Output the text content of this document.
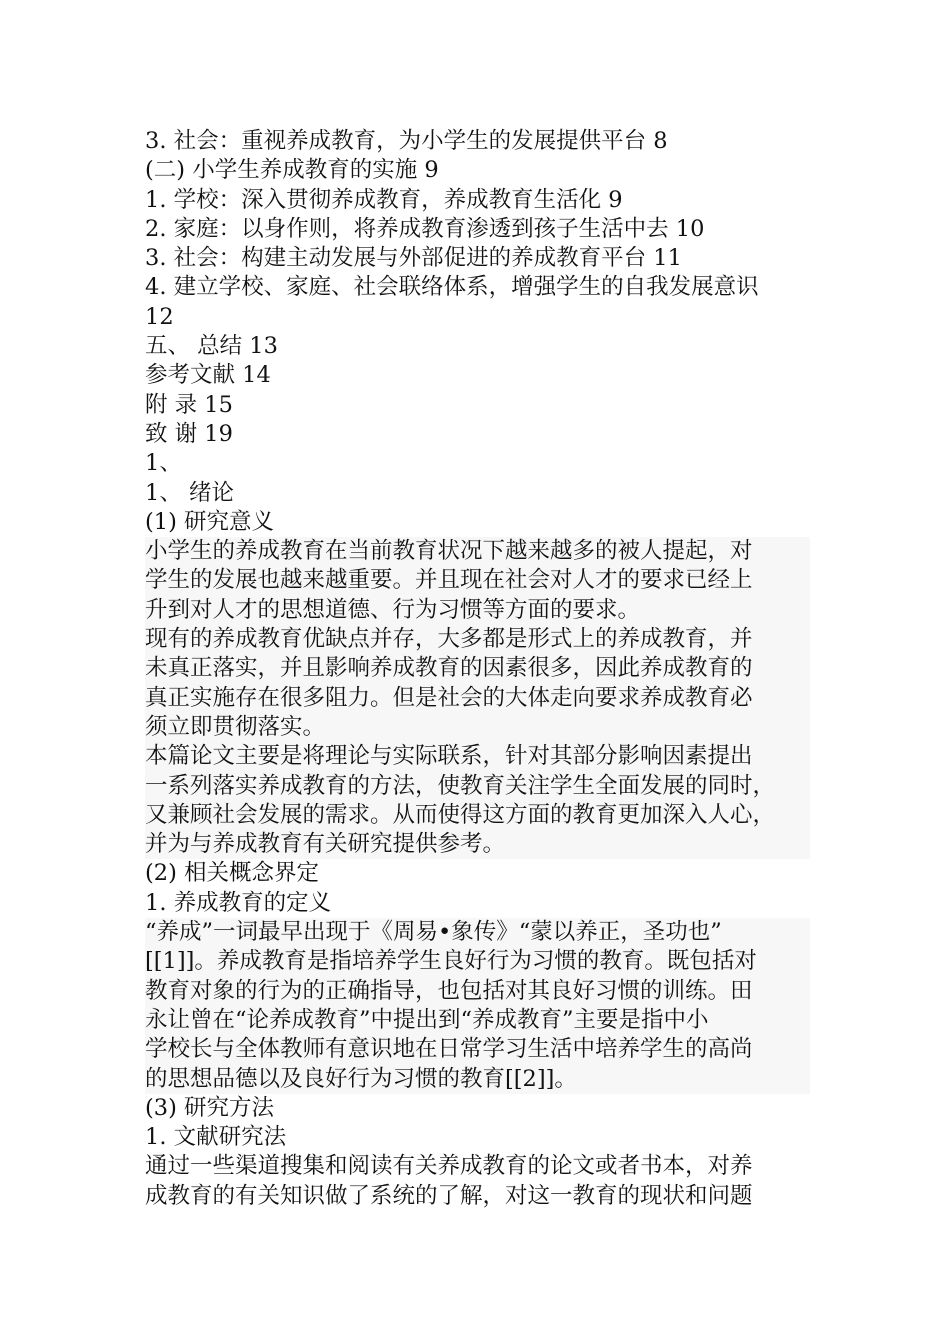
3. 社会：重视养成教育，为小学生的发展提供平台 8
(二) 小学生养成教育的实施 9
1. 学校：深入贯彻养成教育，养成教育生活化 9
2. 家庭：以身作则，将养成教育渗透到孩子生活中去 10
3. 社会：构建主动发展与外部促进的养成教育平台 11
4. 建立学校、家庭、社会联络体系，增强学生的自我发展意识
12
五、 总结 13
参考文献 14
附 录 15
致 谢 19
1、
1、 绪论
(1) 研究意义
小学生的养成教育在当前教育状况下越来越多的被人提起，对
学生的发展也越来越重要。并且现在社会对人才的要求已经上
升到对人才的思想道德、行为习惯等方面的要求。
现有的养成教育优缺点并存，大多都是形式上的养成教育，并
未真正落实，并且影响养成教育的因素很多，因此养成教育的
真正实施存在很多阻力。但是社会的大体走向要求养成教育必
须立即贯彻落实。
本篇论文主要是将理论与实际联系，针对其部分影响因素提出
一系列落实养成教育的方法，使教育关注学生全面发展的同时，
又兼顾社会发展的需求。从而使得这方面的教育更加深入人心，
并为与养成教育有关研究提供参考。
(2) 相关概念界定
1. 养成教育的定义
“养成”一词最早出现于《周易•象传》“蒙以养正，圣功也”
[[1]]。养成教育是指培养学生良好行为习惯的教育。既包括对
教育对象的行为的正确指导，也包括对其良好习惯的训练。田
永让曾在“论养成教育”中提出到“养成教育”主要是指中小
学校长与全体教师有意识地在日常学习生活中培养学生的高尚
的思想品德以及良好行为习惯的教育[[2]]。
(3) 研究方法
1. 文献研究法
通过一些渠道搜集和阅读有关养成教育的论文或者书本，对养
成教育的有关知识做了系统的了解，对这一教育的现状和问题
